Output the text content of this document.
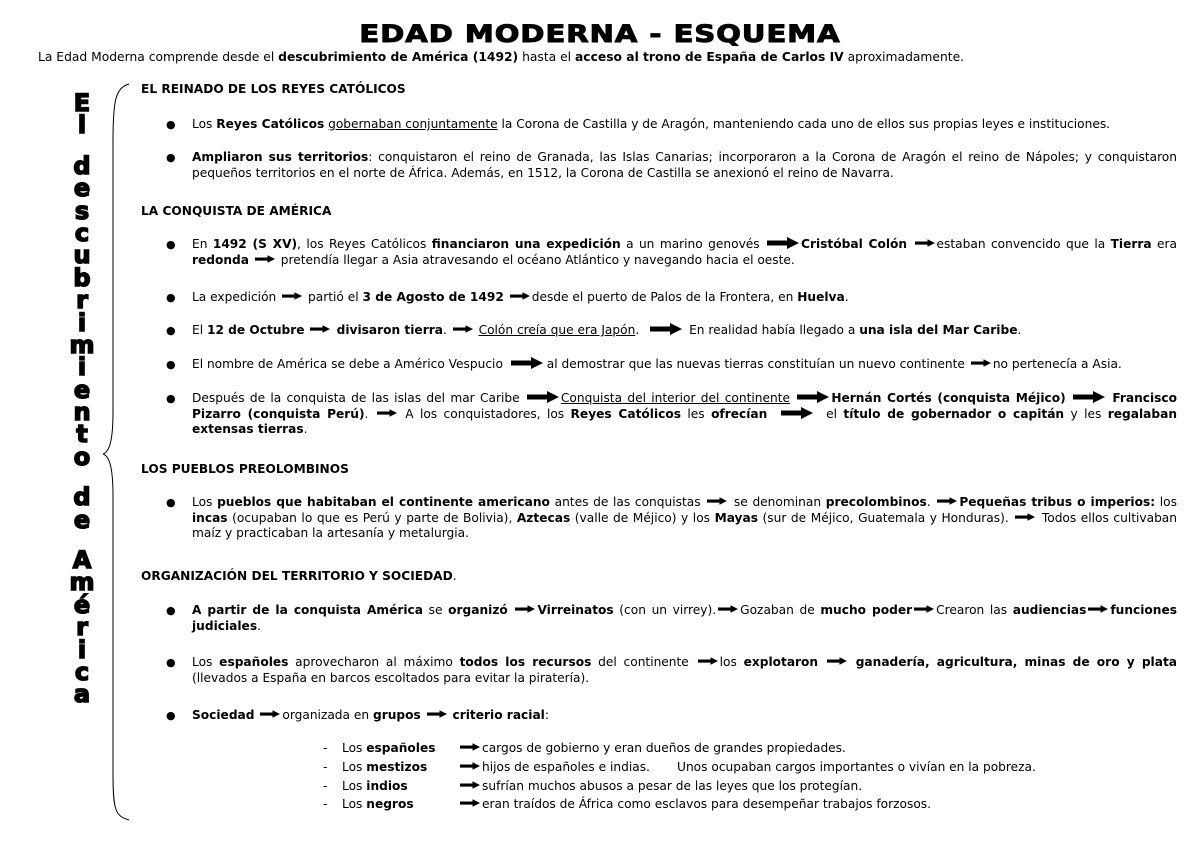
EDAD MODERNA - ESQUEMA
La Edad Moderna comprende desde el descubrimiento de América (1492) hasta el acceso al trono de España de Carlos IV aproximadamente.
E
l

d
e
s
c
u
b
r
i
m
i
e
n
t
o

d
e

A
m
é
r
i
c
a
EL REINADO DE LOS REYES CATÓLICOS
● Los Reyes Católicos gobernaban conjuntamente la Corona de Castilla y de Aragón, manteniendo cada uno de ellos sus propias leyes e instituciones.
● Ampliaron sus territorios: conquistaron el reino de Granada, las Islas Canarias; incorporaron a la Corona de Aragón el reino de Nápoles; y conquistaron pequeños territorios en el norte de África. Además, en 1512, la Corona de Castilla se anexionó el reino de Navarra.
LA CONQUISTA DE AMÉRICA
● En 1492 (S XV), los Reyes Católicos financiaron una expedición a un marino genovés	Cristóbal Colón estaban convencido que la Tierra era redonda	pretendía llegar a Asia atravesando el océano Atlántico y navegando hacia el oeste.
● La expedición  partió el 3 de Agosto de 1492 desde el puerto de Palos de la Frontera, en Huelva.
● El 12 de Octubre  divisaron tierra.  Colón creía que era Japón.	En realidad había llegado a una isla del Mar Caribe.
● El nombre de América se debe a Américo Vespucio	al demostrar que las nuevas tierras constituían un nuevo continente no pertenecía a Asia.
● Después de la conquista de las islas del mar Caribe	Conquista del interior del continente	Hernán Cortés (conquista Méjico)	Francisco Pizarro (conquista Perú).  A los conquistadores, los Reyes Católicos les ofrecían	el título de gobernador o capitán y les regalaban extensas tierras.
LOS PUEBLOS PREOLOMBINOS
● Los pueblos que habitaban el continente americano antes de las conquistas  se denominan precolombinos. Pequeñas tribus o imperios: los incas (ocupaban lo que es Perú y parte de Bolivia), Aztecas (valle de Méjico) y los Mayas (sur de Méjico, Guatemala y Honduras).  Todos ellos cultivaban maíz y practicaban la artesanía y metalurgia.
ORGANIZACIÓN DEL TERRITORIO Y SOCIEDAD.
● A partir de la conquista América se organizó Virreinatos (con un virrey). Gozaban de mucho poder Crearon las audiencias funciones judiciales.
● Los españoles aprovecharon al máximo todos los recursos del continente los explotaron	ganadería, agricultura, minas de oro y plata (llevados a España en barcos escoltados para evitar la piratería).
● Sociedad organizada en grupos	criterio racial:
- Los españoles	cargos de gobierno y eran dueños de grandes propiedades.
- Los mestizos	hijos de españoles e indias.       Unos ocupaban cargos importantes o vivían en la pobreza.
- Los indios	sufrían muchos abusos a pesar de las leyes que los protegían.
- Los negros	eran traídos de África como esclavos para desempeñar trabajos forzosos.
